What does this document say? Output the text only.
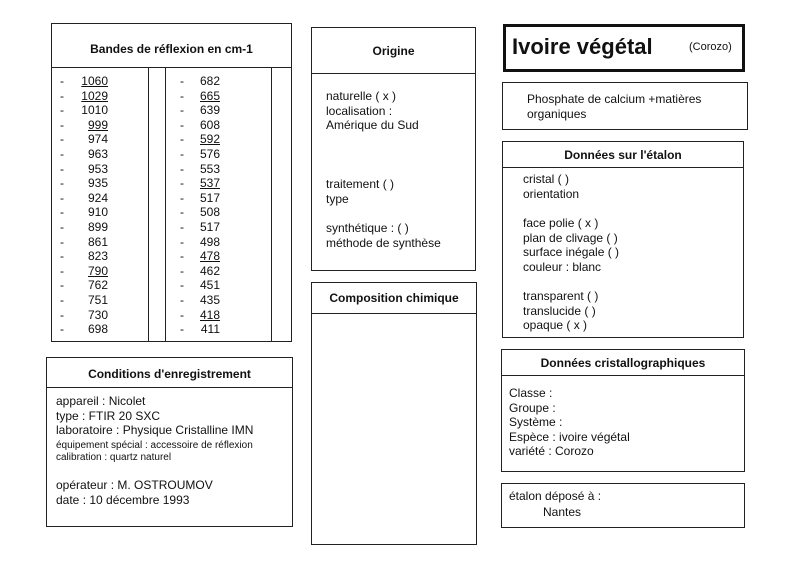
Bandes de réflexion en cm-1
- 1060
- 1029
- 1010
- 999
- 974
- 963
- 953
- 935
- 924
- 910
- 899
- 861
- 823
- 790
- 762
- 751
- 730
- 698
- 682
- 665
- 639
- 608
- 592
- 576
- 553
- 537
- 517
- 508
- 517
- 498
- 478
- 462
- 451
- 435
- 418
- 411
Conditions d'enregistrement
appareil : Nicolet
type : FTIR 20 SXC
laboratoire : Physique Cristalline IMN
équipement spécial : accessoire de réflexion
calibration : quartz naturel
opérateur : M. OSTROUMOV
date : 10 décembre 1993
Origine
naturelle ( x )
localisation :
Amérique du Sud
traitement ( )
type
synthétique : ( )
méthode de synthèse
Composition chimique
Ivoire végétal	(Corozo)
Phosphate de calcium +matières
organiques
Données sur l'étalon
cristal ( )
orientation
face polie ( x )
plan de clivage ( )
surface inégale ( )
couleur : blanc
transparent ( )
translucide ( )
opaque ( x )
Données cristallographiques
Classe :
Groupe :
Système :
Espèce : ivoire végétal
variété : Corozo
étalon déposé à :
Nantes
